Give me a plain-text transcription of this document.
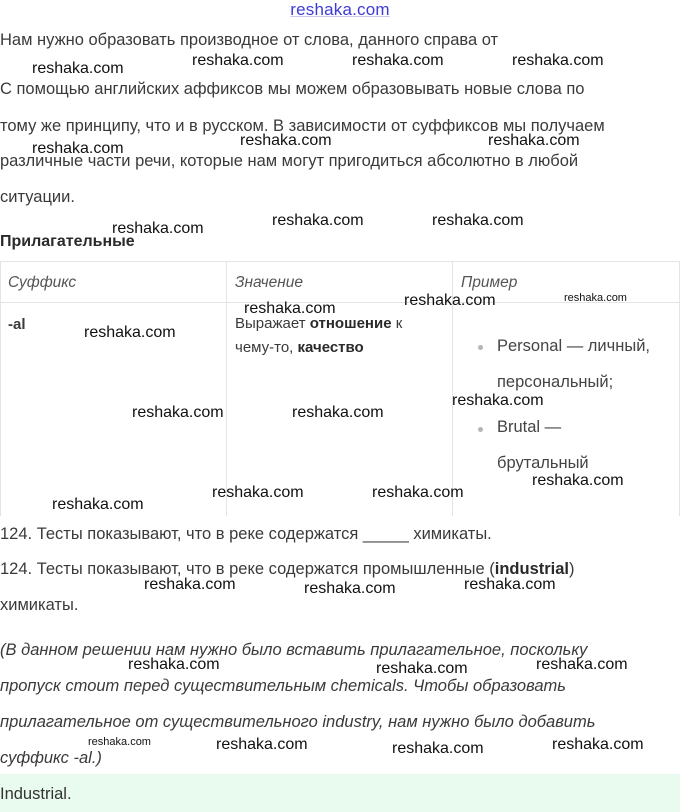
reshaka.com
Нам нужно образовать производное от слова, данного справа от
С помощью английских аффиксов мы можем образовывать новые слова по
тому же принципу, что и в русском. В зависимости от суффиксов мы получаем
различные части речи, которые нам могут пригодиться абсолютно в любой
ситуации.
Прилагательные
Суффикс	Значение	Пример
-al	Выражает отношение к
чему-то, качество	Personal — личный,
персональный;
Brutal —
брутальный
124. Тесты показывают, что в реке содержатся _____ химикаты.
124. Тесты показывают, что в реке содержатся промышленные (industrial)
химикаты.
(В данном решении нам нужно было вставить прилагательное, поскольку
пропуск стоит перед существительным chemicals. Чтобы образовать
прилагательное от существительного industry, нам нужно было добавить
суффикс -al.)
Industrial.
reshaka.com	reshaka.com	reshaka.com	reshaka.com
reshaka.com	reshaka.com	reshaka.com
reshaka.com	reshaka.com	reshaka.com
reshaka.com	reshaka.com	reshaka.com
reshaka.com
reshaka.com	reshaka.com
reshaka.com
reshaka.com
reshaka.com	reshaka.com
reshaka.com
reshaka.com	reshaka.com	reshaka.com
reshaka.com	reshaka.com	reshaka.com
reshaka.com	reshaka.com	reshaka.com	reshaka.com
